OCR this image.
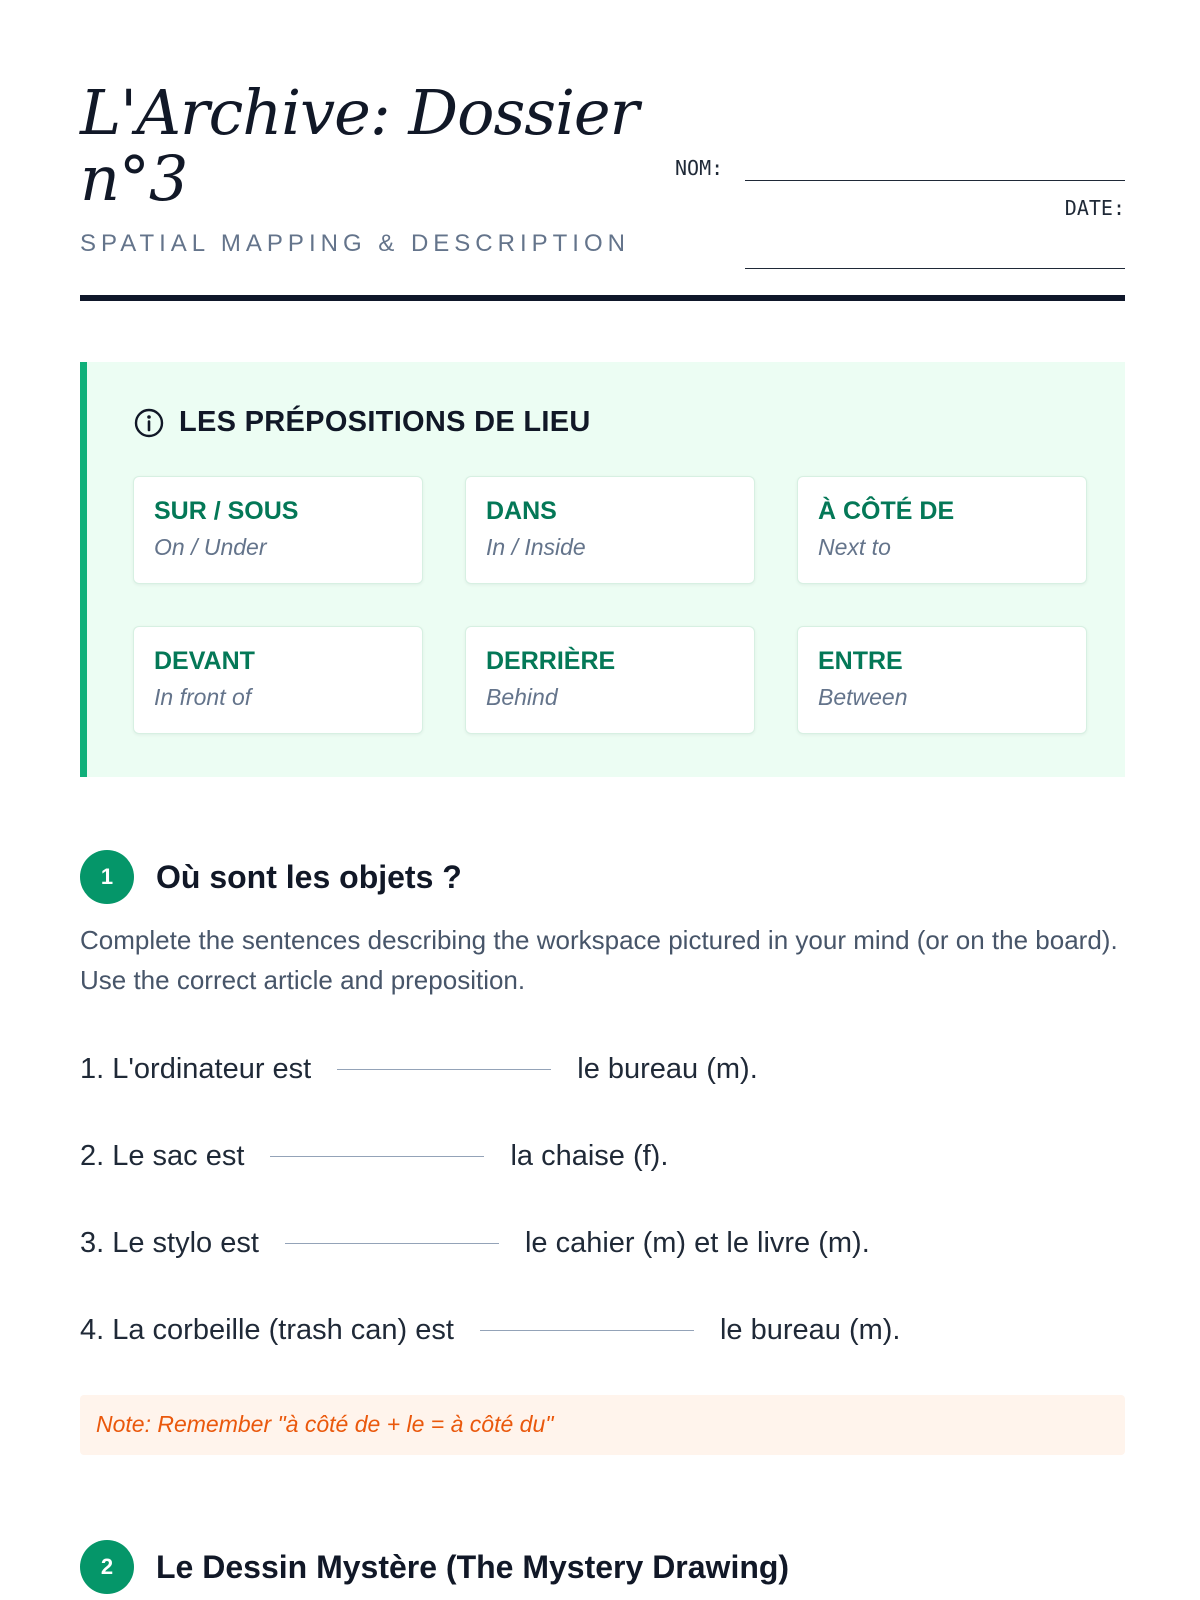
L'Archive: Dossier n°3
SPATIAL MAPPING & DESCRIPTION
NOM:
DATE:
LES PRÉPOSITIONS DE LIEU
SUR / SOUS
On / Under
DANS
In / Inside
À CÔTÉ DE
Next to
DEVANT
In front of
DERRIÈRE
Behind
ENTRE
Between
1	Où sont les objets ?
Complete the sentences describing the workspace pictured in your mind (or on the board). Use the correct article and preposition.
1. L'ordinateur est	le bureau (m).
2. Le sac est	la chaise (f).
3. Le stylo est	le cahier (m) et le livre (m).
4. La corbeille (trash can) est	le bureau (m).
Note: Remember "à côté de + le = à côté du"
2	Le Dessin Mystère (The Mystery Drawing)
